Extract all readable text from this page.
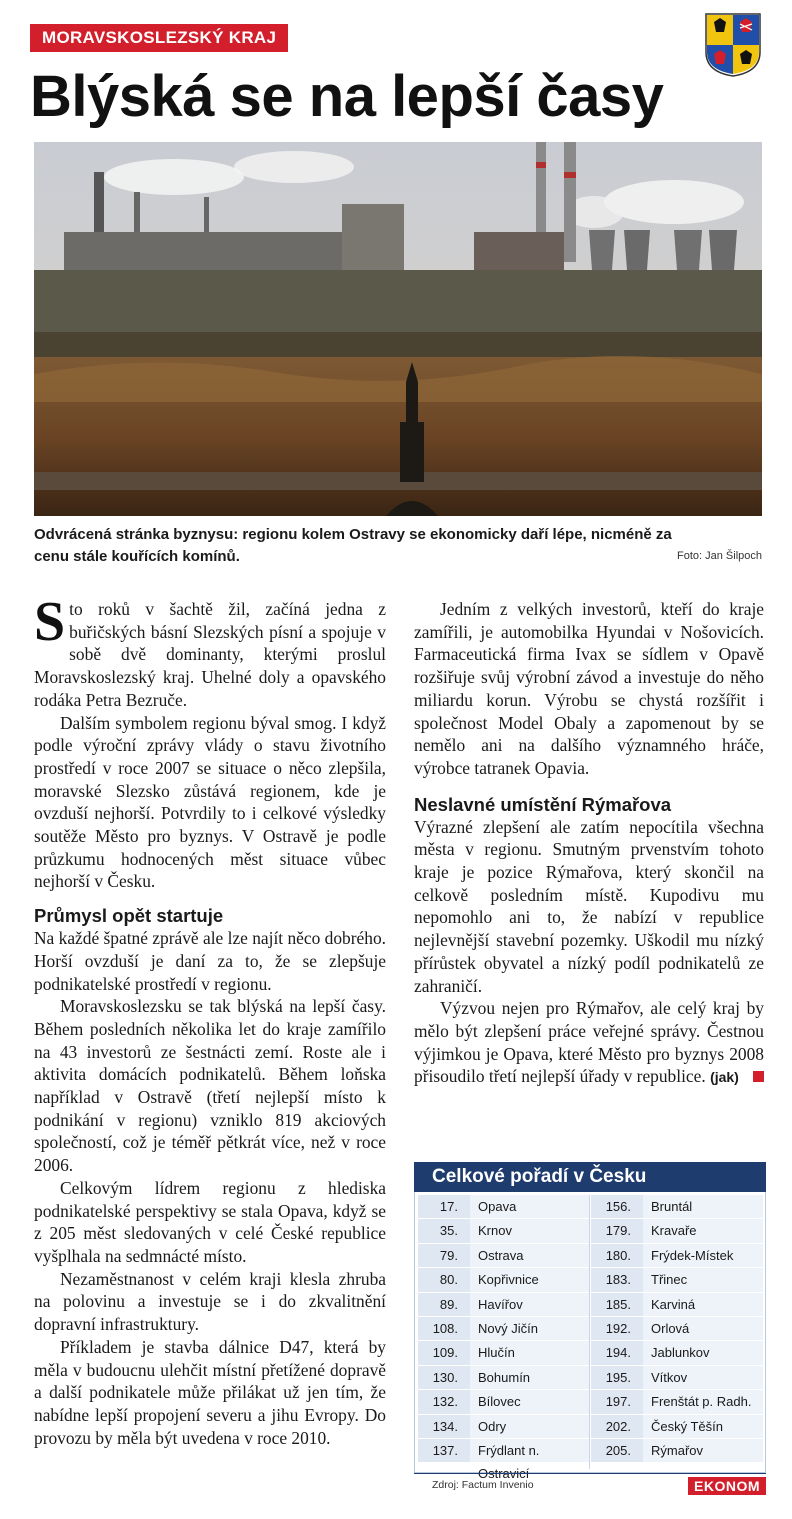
MORAVSKOSLEZSKÝ KRAJ
Blýská se na lepší časy
Odvrácená stránka byznysu: regionu kolem Ostravy se ekonomicky daří lépe, nicméně za cenu stále kouřících komínů.	Foto: Jan Šilpoch

Sto roků v šachtě žil, začíná jedna z buřičských básní Slezských písní a spojuje v sobě dvě dominanty, kterými proslul Moravskoslezský kraj. Uhelné doly a opavského rodáka Petra Bezruče.

Dalším symbolem regionu býval smog. I když podle výroční zprávy vlády o stavu životního prostředí v roce 2007 se situace o něco zlepšila, moravské Slezsko zůstává regionem, kde je ovzduší nejhorší. Potvrdily to i celkové výsledky soutěže Město pro byznys. V Ostravě je podle průzkumu hodnocených měst situace vůbec nejhorší v Česku.

Průmysl opět startuje

Na každé špatné zprávě ale lze najít něco dobrého. Horší ovzduší je daní za to, že se zlepšuje podnikatelské prostředí v regionu.

Moravskoslezsku se tak blýská na lepší časy. Během posledních několika let do kraje zamířilo na 43 investorů ze šestnácti zemí. Roste ale i aktivita domácích podnikatelů. Během loňska například v Ostravě (třetí nejlepší místo k podnikání v regionu) vzniklo 819 akciových společností, což je téměř pětkrát více, než v roce 2006.

Celkovým lídrem regionu z hlediska podnikatelské perspektivy se stala Opava, když se z 205 měst sledovaných v celé České republice vyšplhala na sedmnácté místo.

Nezaměstnanost v celém kraji klesla zhruba na polovinu a investuje se i do zkvalitnění dopravní infrastruktury.

Příkladem je stavba dálnice D47, která by měla v budoucnu ulehčit místní přetížené dopravě a další podnikatele může přilákat už jen tím, že nabídne lepší propojení severu a jihu Evropy. Do provozu by měla být uvedena v roce 2010.

Jedním z velkých investorů, kteří do kraje zamířili, je automobilka Hyundai v Nošovicích. Farmaceutická firma Ivax se sídlem v Opavě rozšiřuje svůj výrobní závod a investuje do něho miliardu korun. Výrobu se chystá rozšířit i společnost Model Obaly a zapomenout by se nemělo ani na dalšího významného hráče, výrobce tatranek Opavia.

Neslavné umístění Rýmařova

Výrazné zlepšení ale zatím nepocítila všechna města v regionu. Smutným prvenstvím tohoto kraje je pozice Rýmařova, který skončil na celkově posledním místě. Kupodivu mu nepomohlo ani to, že nabízí v republice nejlevnější stavební pozemky. Uškodil mu nízký přírůstek obyvatel a nízký podíl podnikatelů ze zahraničí.

Výzvou nejen pro Rýmařov, ale celý kraj by mělo být zlepšení práce veřejné správy. Čestnou výjimkou je Opava, které Město pro byznys 2008 přisoudilo třetí nejlepší úřady v republice. (jak)

Celkové pořadí v Česku
17.	Opava
35.	Krnov
79.	Ostrava
80.	Kopřivnice
89.	Havířov
108.	Nový Jičín
109.	Hlučín
130.	Bohumín
132.	Bílovec
134.	Odry
137.	Frýdlant n. Ostravicí
156.	Bruntál
179.	Kravaře
180.	Frýdek-Místek
183.	Třinec
185.	Karviná
192.	Orlová
194.	Jablunkov
195.	Vítkov
197.	Frenštát p. Radh.
202.	Český Těšín
205.	Rýmařov
Zdroj: Factum Invenio	EKONOM
